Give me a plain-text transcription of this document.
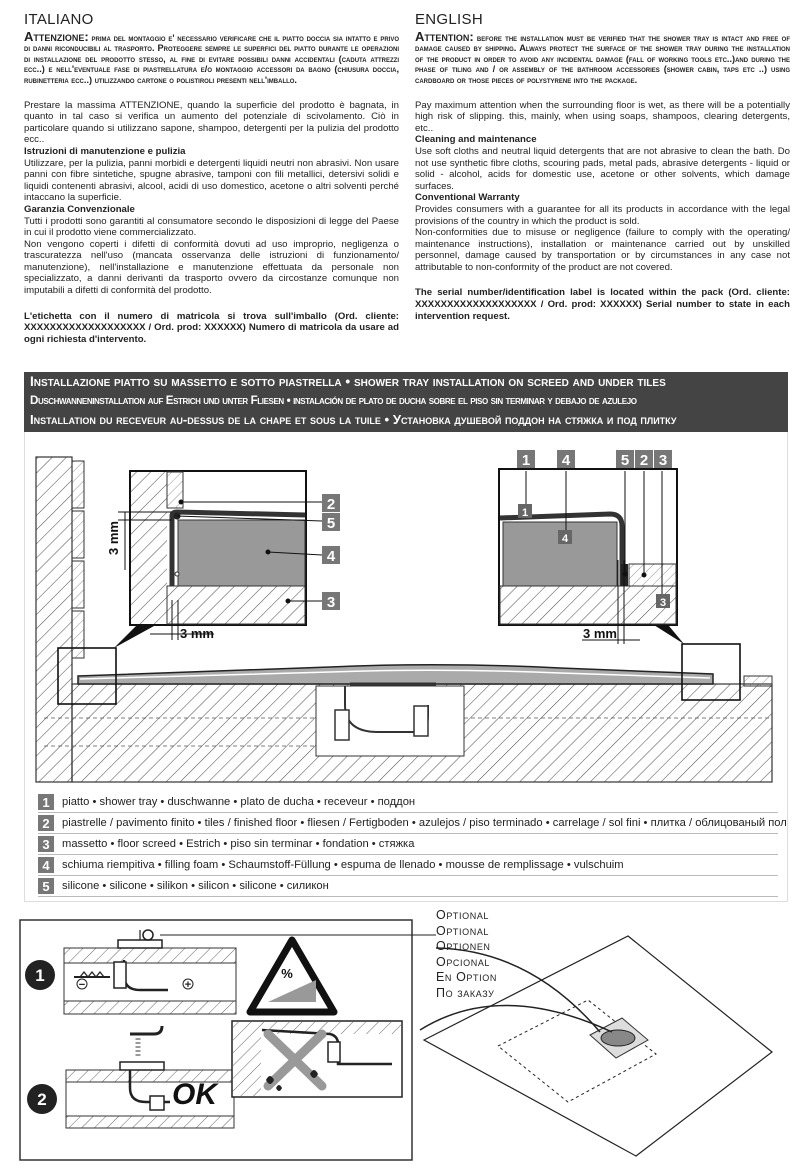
ITALIANO

Attenzione: prima del montaggio e' necessario verificare che il piatto doccia sia intatto e privo di danni riconducibili al trasporto. Proteggere sempre le superfici del piatto durante le operazioni di installazione del prodotto stesso, al fine di evitare possibili danni accidentali (caduta attrezzi ecc..) e nell'eventuale fase di piastrellatura e/o montaggio accessori da bagno (chiusura doccia, rubinetteria ecc..) utilizzando cartone o polistiroli presenti nell'imballo.

Prestare la massima ATTENZIONE, quando la superficie del prodotto è bagnata, in quanto in tal caso si verifica un aumento del potenziale di scivolamento. Ciò in particolare quando si utilizzano sapone, shampoo, detergenti per la pulizia del prodotto ecc..

Istruzioni di manutenzione e pulizia

Utilizzare, per la pulizia, panni morbidi e detergenti liquidi neutri non abrasivi. Non usare panni con fibre sintetiche, spugne abrasive, tamponi con fili metallici, detersivi solidi e liquidi contenenti abrasivi, alcool, acidi di uso domestico, acetone o altri solventi perché intaccano la superficie.

Garanzia Convenzionale

Tutti i prodotti sono garantiti al consumatore secondo le disposizioni di legge del Paese in cui il prodotto viene commercializzato.

Non vengono coperti i difetti di conformità dovuti ad uso improprio, negligenza o trascuratezza nell'uso (mancata osservanza delle istruzioni di funzionamento/ manutenzione), nell'installazione e manutenzione effettuata da personale non specializzato, a danni derivanti da trasporto ovvero da circostanze comunque non imputabili a difetti di conformità del prodotto.

L'etichetta con il numero di matricola si trova sull'imballo (Ord. cliente: XXXXXXXXXXXXXXXXXXX / Ord. prod: XXXXXX) Numero di matricola da usare ad ogni richiesta d'intervento.

ENGLISH

Attention: before the installation must be verified that the shower tray is intact and free of damage caused by shipping. Always protect the surface of the shower tray during the installation of the product in order to avoid any incidental damage (fall of working tools etc..)and during the phase of tiling and / or assembly of the bathroom accessories (shower cabin, taps etc ..) using cardboard or those pieces of polystyrene into the package.

Pay maximum attention when the surrounding floor is wet, as there will be a potentially high risk of slipping. this, mainly, when using soaps, shampoos, clearing detergents, etc..

Cleaning and maintenance

Use soft cloths and neutral liquid detergents that are not abrasive to clean the bath. Do not use synthetic fibre cloths, scouring pads, metal pads, abrasive detergents - liquid or solid - alcohol, acids for domestic use, acetone or other solvents, which damage surfaces.

Conventional Warranty

Provides consumers with a guarantee for all its products in accordance with the legal provisions of the country in which the product is sold.

Non-conformities due to misuse or negligence (failure to comply with the operating/ maintenance instructions), installation or maintenance carried out by unskilled personnel, damage caused by transportation or by circumstances in any case not attributable to non-conformity of the product are not covered.

The serial number/identification label is located within the pack (Ord. cliente: XXXXXXXXXXXXXXXXXXX / Ord. prod: XXXXXX) Serial number to state in each intervention request.

Installazione piatto su massetto e sotto piastrella • shower tray installation on screed and under tiles
Duschwanneninstallation auf Estrich und unter Fliesen • instalación de plato de ducha sobre el piso sin terminar y debajo de azulejo
Installation du receveur au-dessus de la chape et sous la tuile • Установка душевой поддон на стяжка и под плитку
3 mm
3 mm	3 mm
2
5
4
3
1 4	5 2 3
1
4
3
1	piatto • shower tray • duschwanne • plato de ducha • receveur • поддон
2	piastrelle / pavimento finito • tiles / finished floor • fliesen / Fertigboden • azulejos / piso terminado • carrelage / sol fini • плитка / облицованый пол
3	massetto • floor screed • Estrich • piso sin terminar • fondation • стяжка
4	schiuma riempitiva • filling foam • Schaumstoff-Füllung • espuma de llenado • mousse de remplissage • vulschuim
5	silicone • silicone • silikon • silicon • silicone • силикон
Optional
Optional
Optionen
Opcional
En Option
По заказу
1	−	+
%
2	OK
